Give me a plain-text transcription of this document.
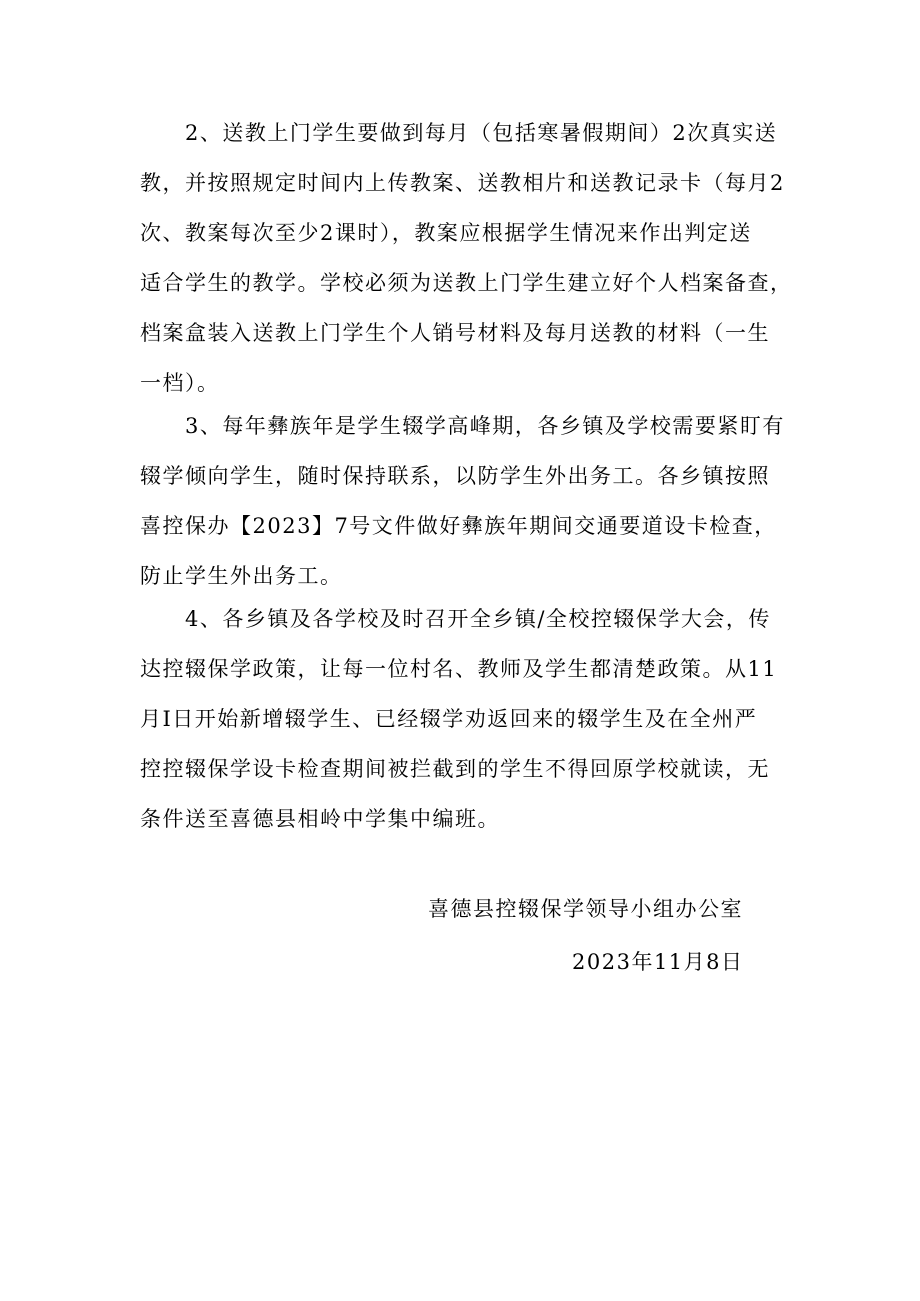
2、送教上门学生要做到每月（包括寒暑假期间）2次真实送
教，并按照规定时间内上传教案、送教相片和送教记录卡（每月2
次、教案每次至少2课时），教案应根据学生情况来作出判定送
适合学生的教学。学校必须为送教上门学生建立好个人档案备查，
档案盒装入送教上门学生个人销号材料及每月送教的材料（一生
一档）。
3、每年彝族年是学生辍学高峰期，各乡镇及学校需要紧盯有
辍学倾向学生，随时保持联系，以防学生外出务工。各乡镇按照
喜控保办【2023】7号文件做好彝族年期间交通要道设卡检查，
防止学生外出务工。
4、各乡镇及各学校及时召开全乡镇/全校控辍保学大会，传
达控辍保学政策，让每一位村名、教师及学生都清楚政策。从11
月I日开始新增辍学生、已经辍学劝返回来的辍学生及在全州严
控控辍保学设卡检查期间被拦截到的学生不得回原学校就读，无
条件送至喜德县相岭中学集中编班。
喜德县控辍保学领导小组办公室
2023年11月8日
